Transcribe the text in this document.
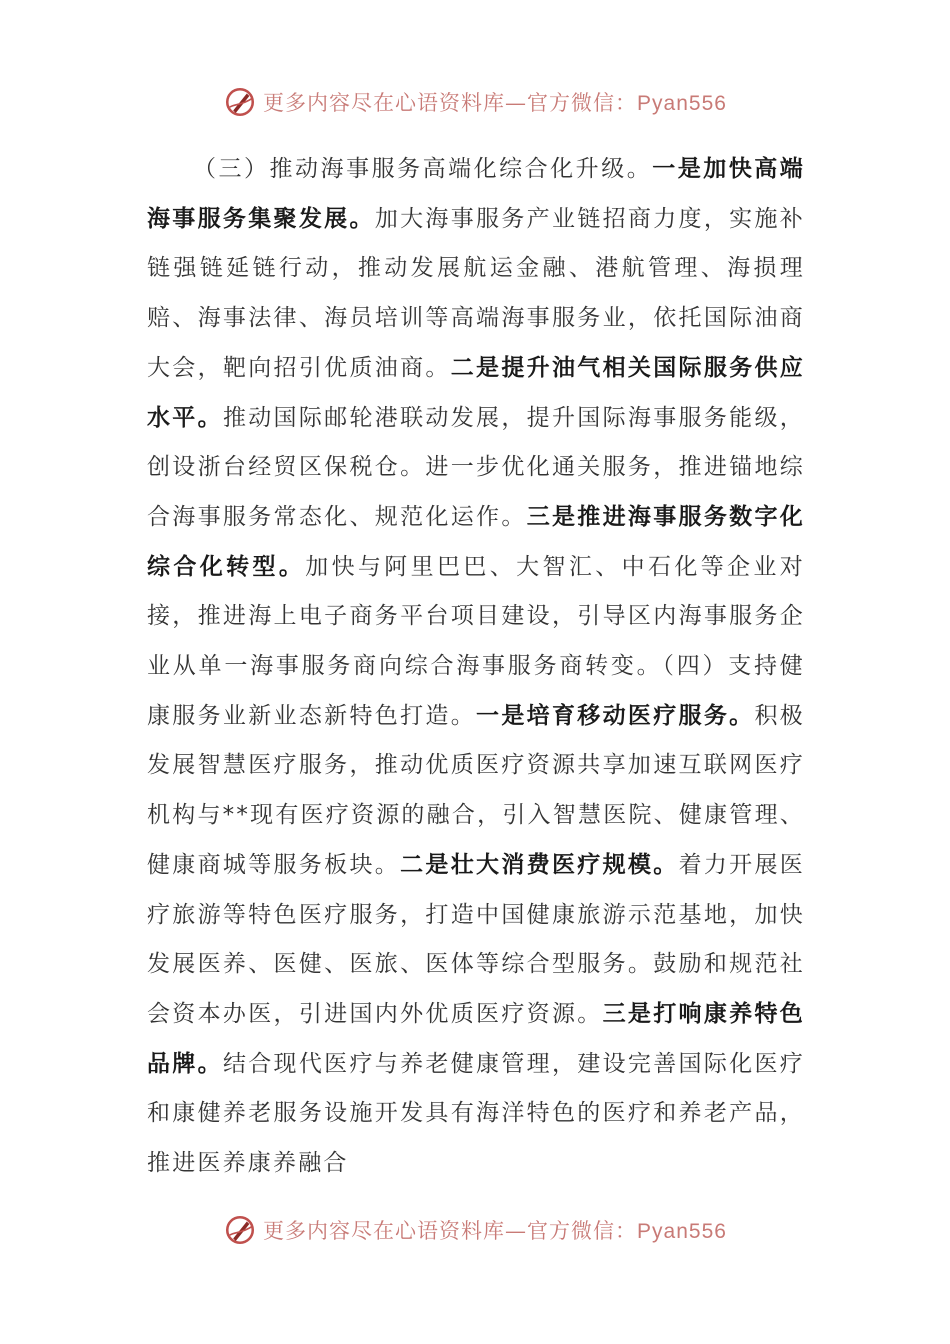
更多内容尽在心语资料库—官方微信：Pyan556

（三）推动海事服务高端化综合化升级。一是加快高端海事服务集聚发展。加大海事服务产业链招商力度，实施补链强链延链行动，推动发展航运金融、港航管理、海损理赔、海事法律、海员培训等高端海事服务业，依托国际油商大会，靶向招引优质油商。二是提升油气相关国际服务供应水平。推动国际邮轮港联动发展，提升国际海事服务能级，创设浙台经贸区保税仓。进一步优化通关服务，推进锚地综合海事服务常态化、规范化运作。三是推进海事服务数字化综合化转型。加快与阿里巴巴、大智汇、中石化等企业对接，推进海上电子商务平台项目建设，引导区内海事服务企业从单一海事服务商向综合海事服务商转变。（四）支持健康服务业新业态新特色打造。一是培育移动医疗服务。积极发展智慧医疗服务，推动优质医疗资源共享加速互联网医疗机构与**现有医疗资源的融合，引入智慧医院、健康管理、健康商城等服务板块。二是壮大消费医疗规模。着力开展医疗旅游等特色医疗服务，打造中国健康旅游示范基地，加快发展医养、医健、医旅、医体等综合型服务。鼓励和规范社会资本办医，引进国内外优质医疗资源。三是打响康养特色品牌。结合现代医疗与养老健康管理，建设完善国际化医疗和康健养老服务设施开发具有海洋特色的医疗和养老产品，推进医养康养融合

更多内容尽在心语资料库—官方微信：Pyan556
